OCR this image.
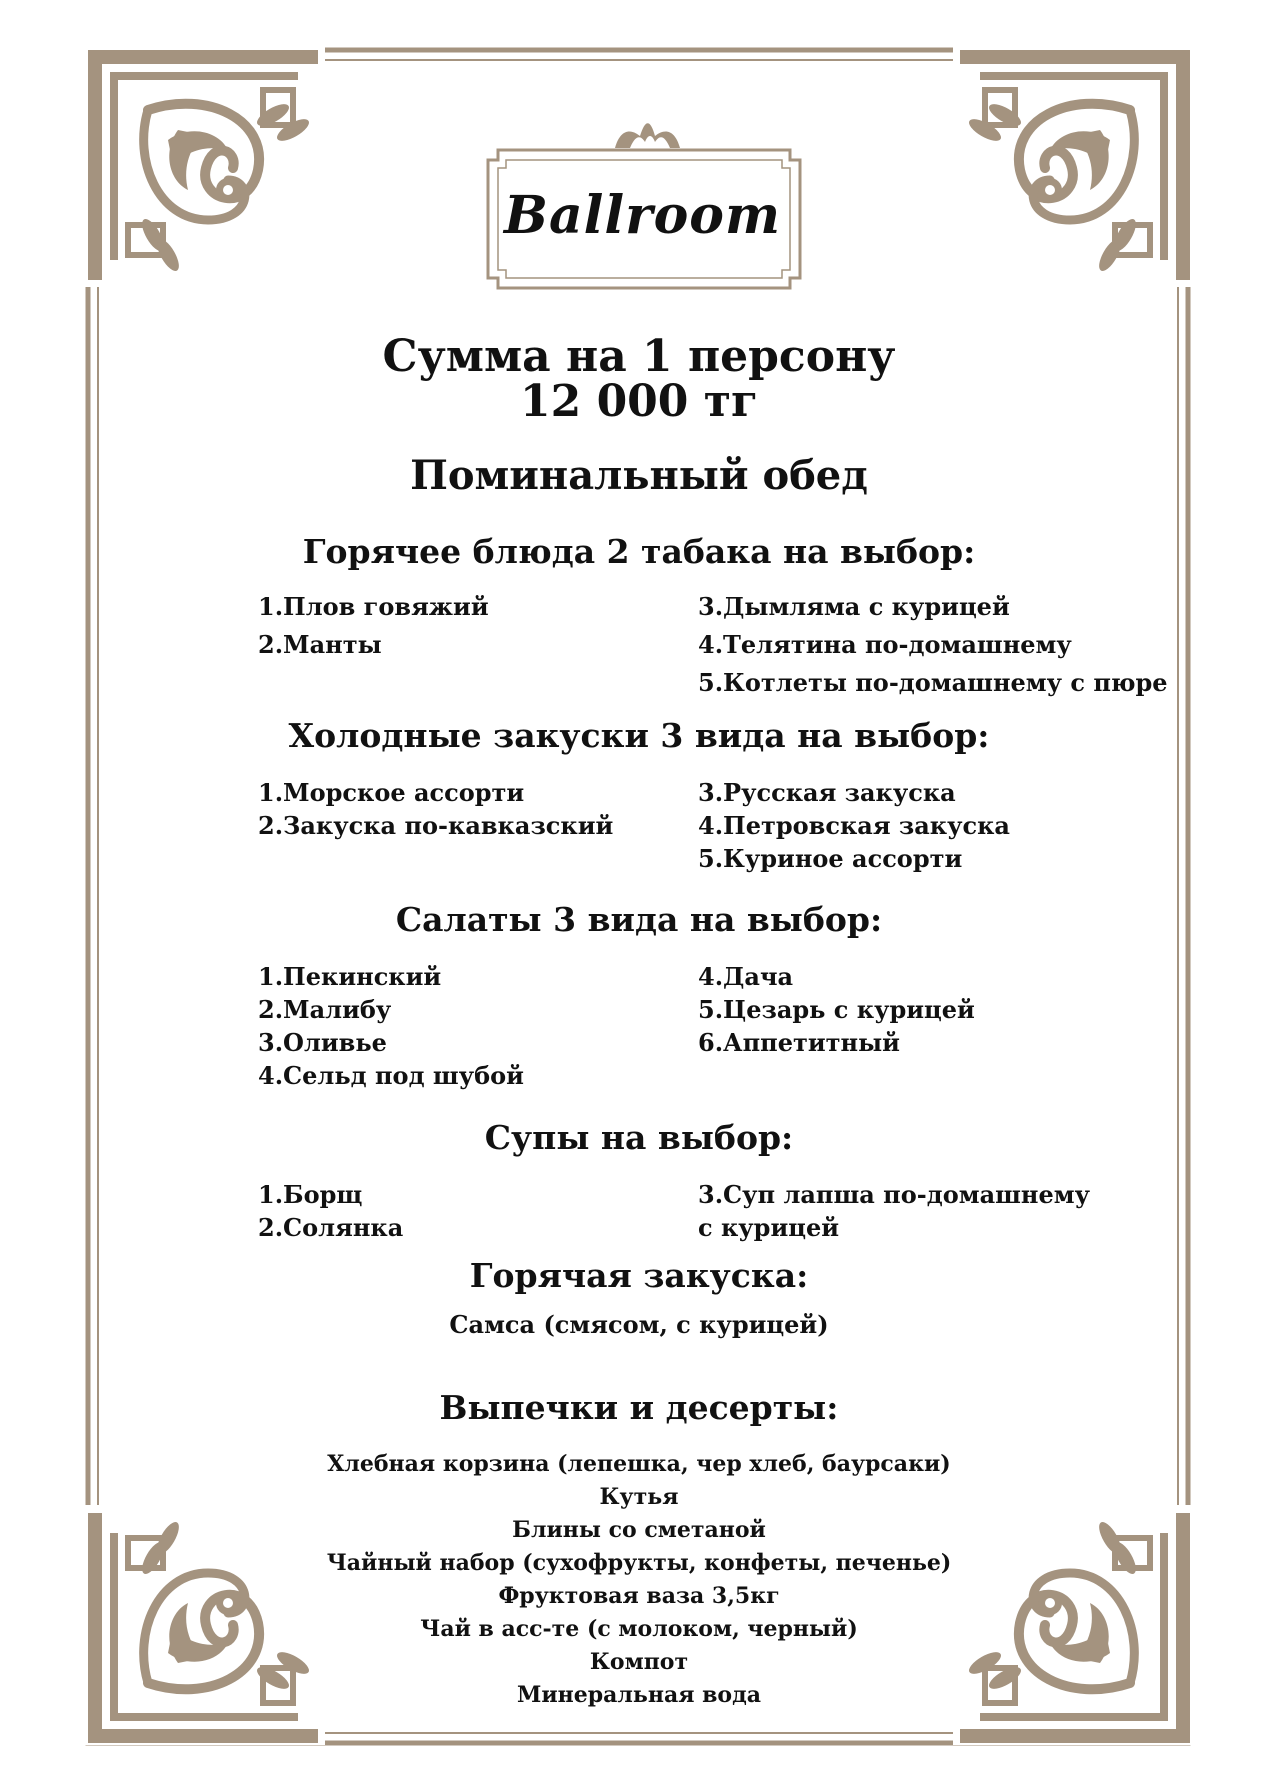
Ballroom
Сумма на 1 персону
12 000 тг
Поминальный обед
Горячее блюда 2 табака на выбор:
1.Плов говяжий
2.Манты
3.Дымляма с курицей
4.Телятина по-домашнему
5.Котлеты по-домашнему с пюре
Холодные закуски 3 вида на выбор:
1.Морское ассорти
2.Закуска по-кавказский
3.Русская закуска
4.Петровская закуска
5.Куриное ассорти
Салаты 3 вида на выбор:
1.Пекинский
2.Малибу
3.Оливье
4.Сельд под шубой
4.Дача
5.Цезарь с курицей
6.Аппетитный
Супы на выбор:
1.Борщ
2.Солянка
3.Суп лапша по-домашнему
с курицей
Горячая закуска:
Самса (смясом, с курицей)
Выпечки и десерты:
Хлебная корзина (лепешка, чер хлеб, баурсаки)
Кутья
Блины со сметаной
Чайный набор (сухофрукты, конфеты, печенье)
Фруктовая ваза 3,5кг
Чай в асс-те (с молоком, черный)
Компот
Минеральная вода
